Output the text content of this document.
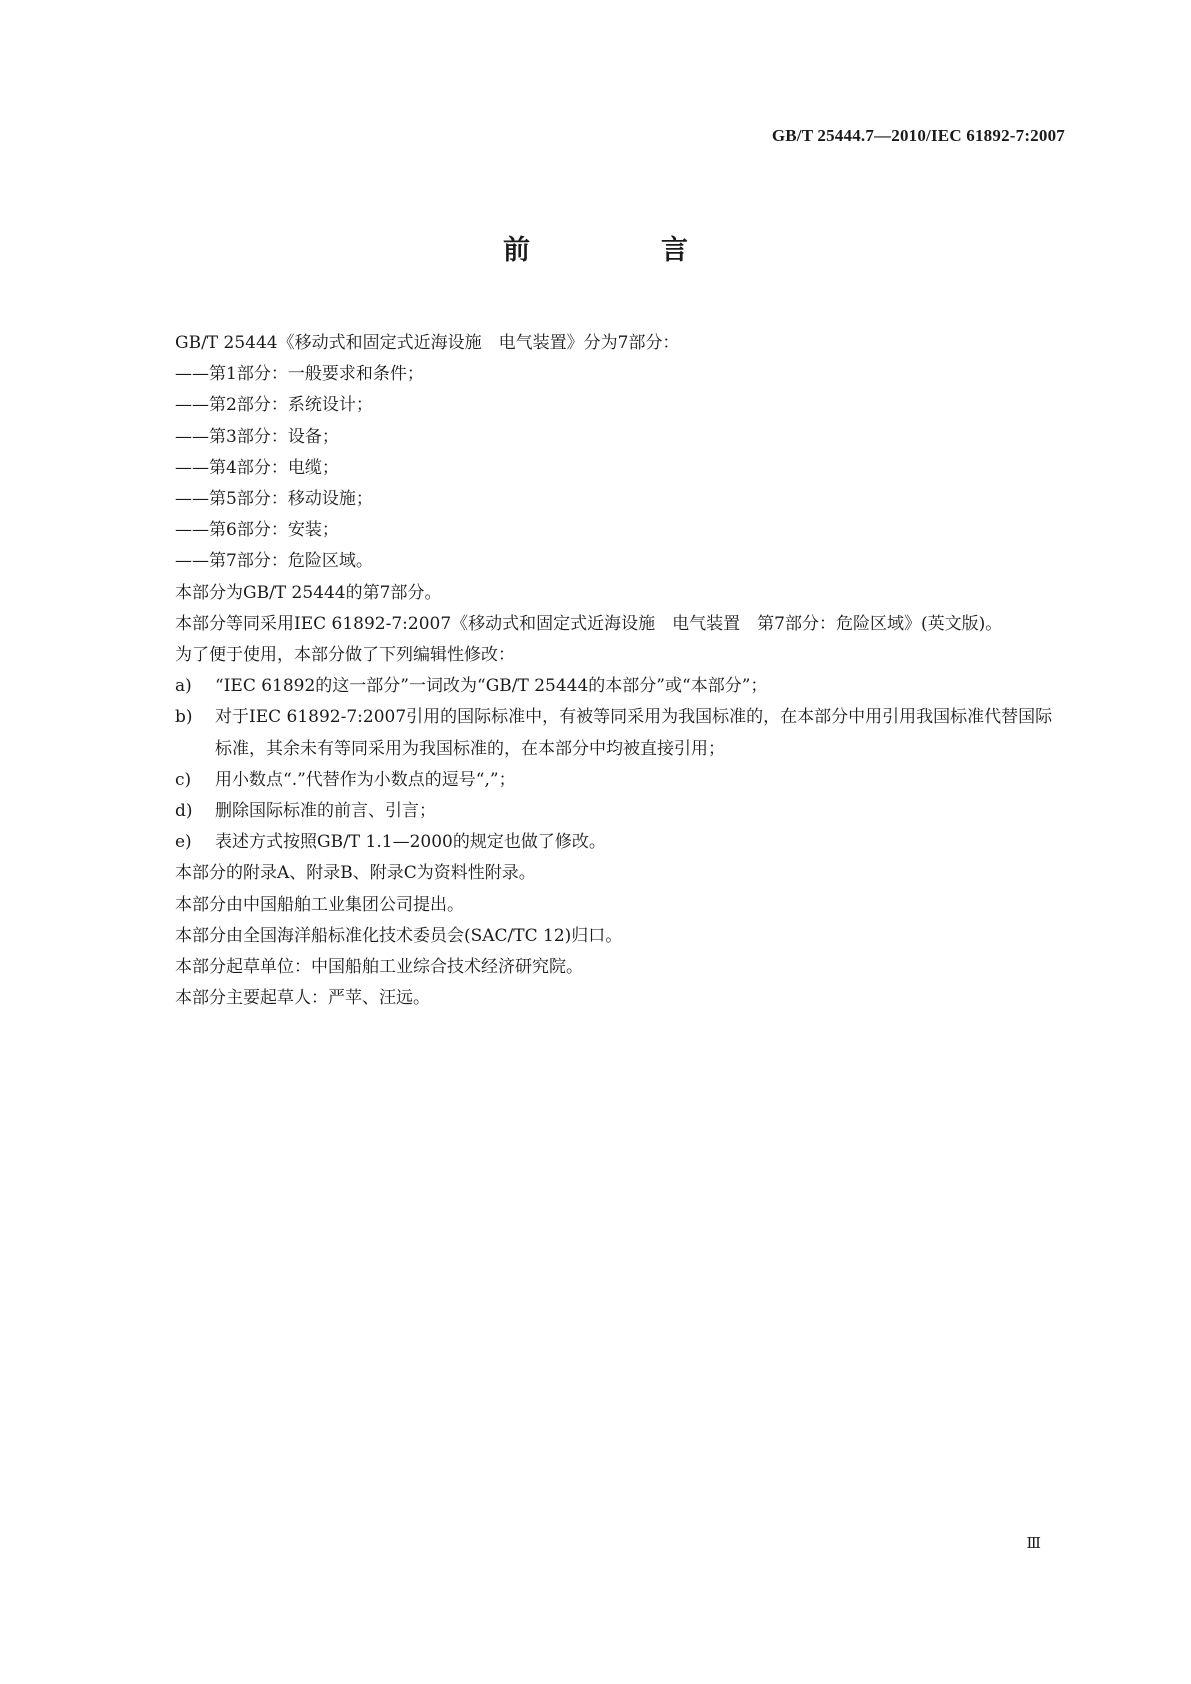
GB/T 25444.7—2010/IEC 61892-7:2007
前　言

GB/T 25444《移动式和固定式近海设施　电气装置》分为7部分：

——第1部分：一般要求和条件；

——第2部分：系统设计；

——第3部分：设备；

——第4部分：电缆；

——第5部分：移动设施；

——第6部分：安装；

——第7部分：危险区域。

本部分为GB/T 25444的第7部分。

本部分等同采用IEC 61892-7:2007《移动式和固定式近海设施　电气装置　第7部分：危险区域》(英文版)。

为了便于使用，本部分做了下列编辑性修改：

a)	“IEC 61892的这一部分”一词改为“GB/T 25444的本部分”或“本部分”；
b)	对于IEC 61892-7:2007引用的国际标准中，有被等同采用为我国标准的，在本部分中用引用我国标准代替国际标准，其余未有等同采用为我国标准的，在本部分中均被直接引用；
c)	用小数点“.”代替作为小数点的逗号“,”；
d)	删除国际标准的前言、引言；
e)	表述方式按照GB/T 1.1—2000的规定也做了修改。

本部分的附录A、附录B、附录C为资料性附录。

本部分由中国船舶工业集团公司提出。

本部分由全国海洋船标准化技术委员会(SAC/TC 12)归口。

本部分起草单位：中国船舶工业综合技术经济研究院。

本部分主要起草人：严苹、汪远。

Ⅲ
